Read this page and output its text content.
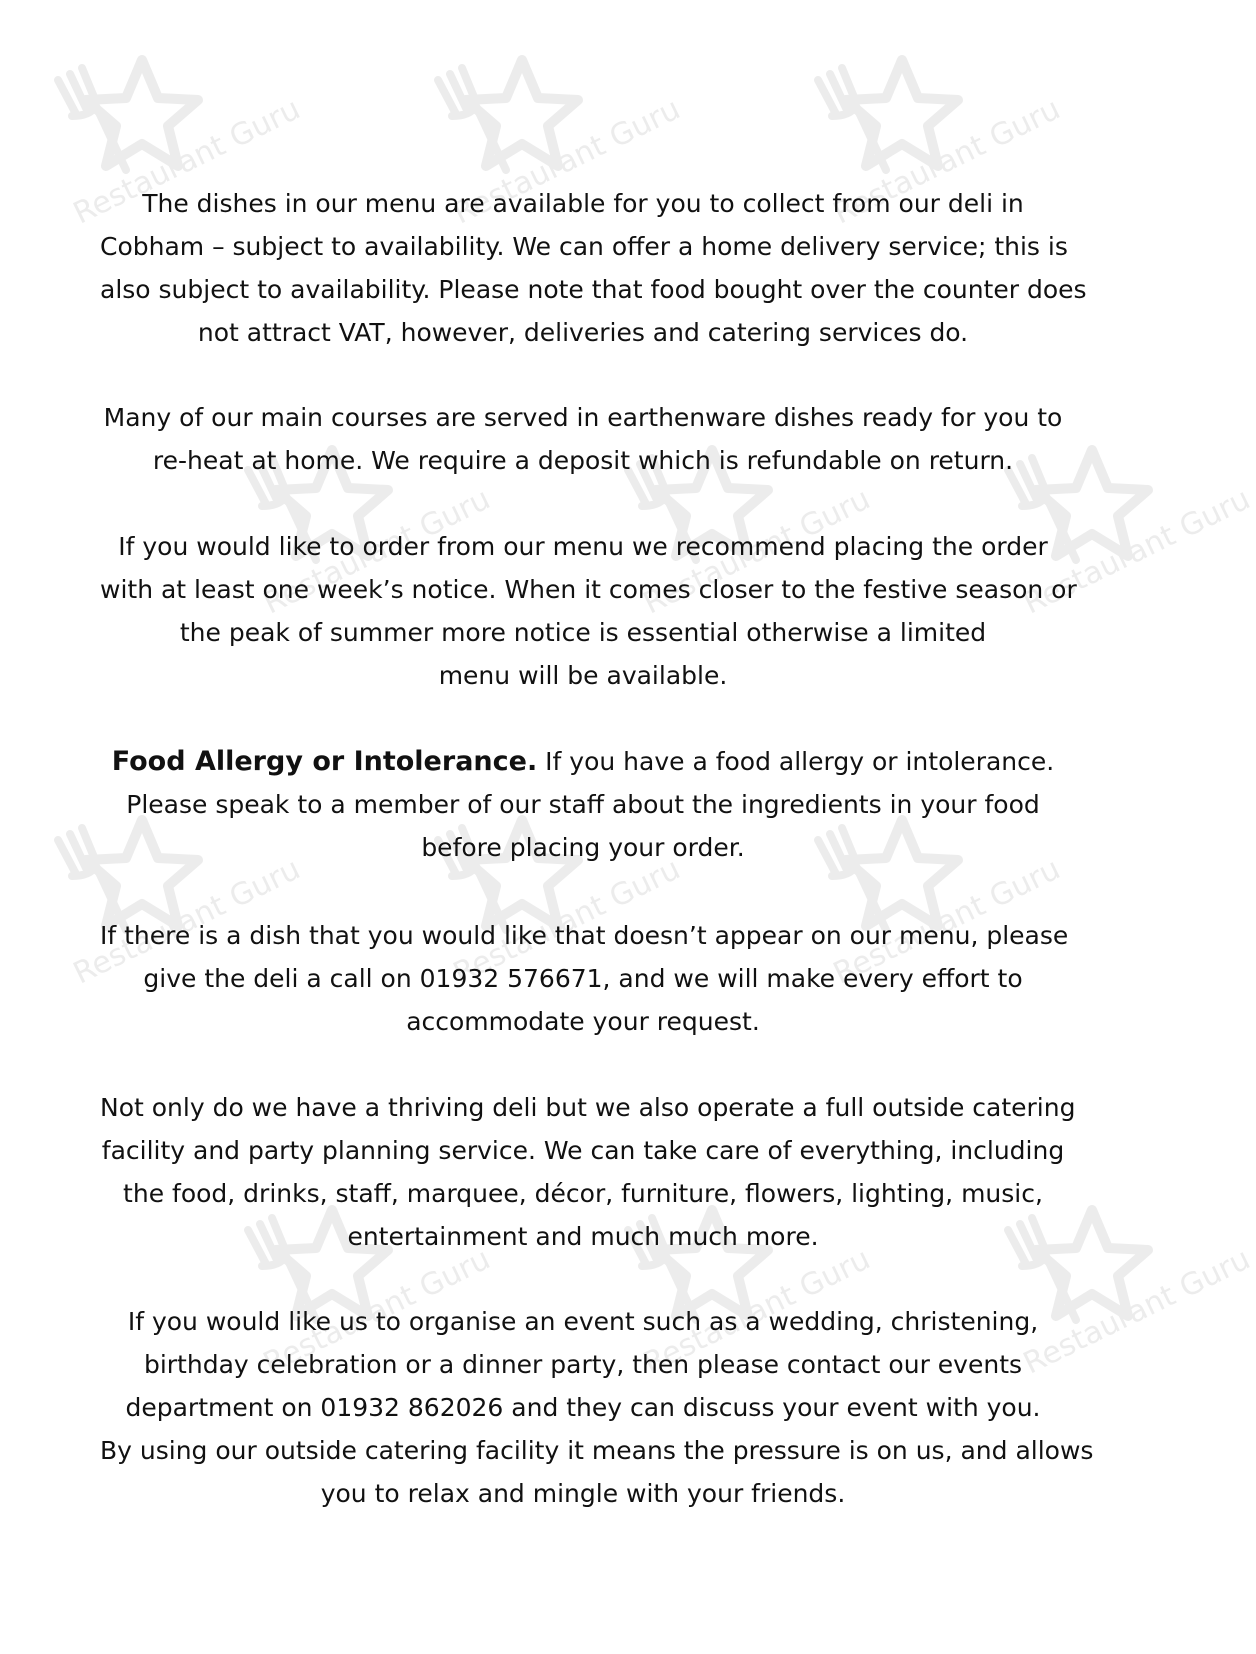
Restaurant Guru	Restaurant Guru	Restaurant Guru
Restaurant Guru	Restaurant Guru	Restaurant Guru
Restaurant Guru	Restaurant Guru	Restaurant Guru
Restaurant Guru	Restaurant Guru	Restaurant Guru
The dishes in our menu are available for you to collect from our deli in
Cobham – subject to availability. We can offer a home delivery service; this is
also subject to availability. Please note that food bought over the counter does
not attract VAT, however, deliveries and catering services do.
Many of our main courses are served in earthenware dishes ready for you to
re-heat at home. We require a deposit which is refundable on return.
If you would like to order from our menu we recommend placing the order
with at least one week’s notice. When it comes closer to the festive season or
the peak of summer more notice is essential otherwise a limited
menu will be available.
Food Allergy or Intolerance. If you have a food allergy or intolerance.
Please speak to a member of our staff about the ingredients in your food
before placing your order.
If there is a dish that you would like that doesn’t appear on our menu, please
give the deli a call on 01932 576671, and we will make every effort to
accommodate your request.
Not only do we have a thriving deli but we also operate a full outside catering
facility and party planning service. We can take care of everything, including
the food, drinks, staff, marquee, décor, furniture, flowers, lighting, music,
entertainment and much much more.
If you would like us to organise an event such as a wedding, christening,
birthday celebration or a dinner party, then please contact our events
department on 01932 862026 and they can discuss your event with you.
By using our outside catering facility it means the pressure is on us, and allows
you to relax and mingle with your friends.
